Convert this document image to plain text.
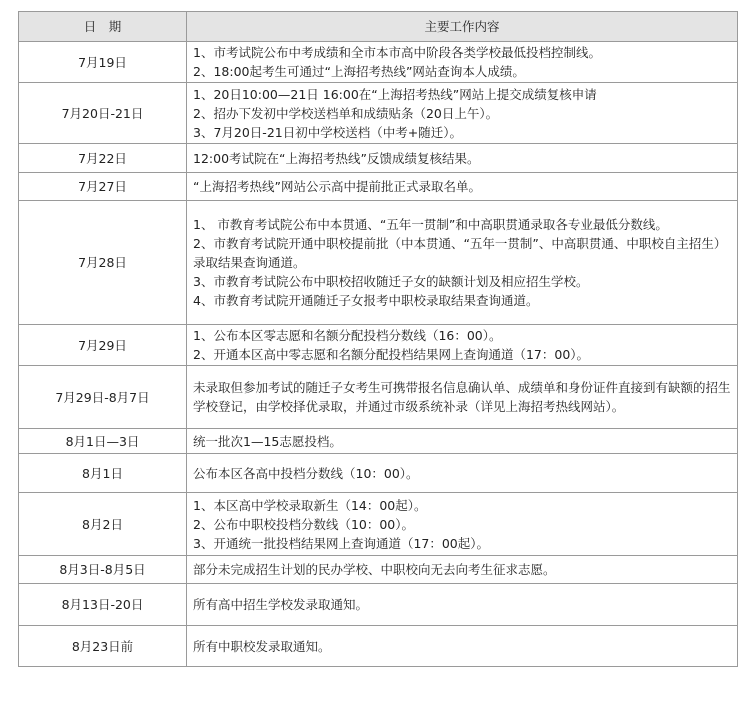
日　期	主要工作内容
7月19日	1、市考试院公布中考成绩和全市本市高中阶段各类学校最低投档控制线。
2、18:00起考生可通过“上海招考热线”网站查询本人成绩。

7月20日-21日	1、20日10:00—21日 16:00在“上海招考热线”网站上提交成绩复核申请
2、招办下发初中学校送档单和成绩贴条（20日上午）。
3、7月20日-21日初中学校送档（中考+随迁）。

7月22日	12:00考试院在“上海招考热线”反馈成绩复核结果。

7月27日	“上海招考热线”网站公示高中提前批正式录取名单。

7月28日	1、 市教育考试院公布中本贯通、“五年一贯制”和中高职贯通录取各专业最低分数线。
2、市教育考试院开通中职校提前批（中本贯通、“五年一贯制”、中高职贯通、中职校自主招生）录取结果查询通道。
3、市教育考试院公布中职校招收随迁子女的缺额计划及相应招生学校。
4、市教育考试院开通随迁子女报考中职校录取结果查询通道。

7月29日	1、公布本区零志愿和名额分配投档分数线（16：00）。
2、开通本区高中零志愿和名额分配投档结果网上查询通道（17：00）。

7月29日-8月7日	未录取但参加考试的随迁子女考生可携带报名信息确认单、成绩单和身份证件直接到有缺额的招生学校登记，由学校择优录取，并通过市级系统补录（详见上海招考热线网站）。

8月1日—3日	统一批次1—15志愿投档。

8月1日	公布本区各高中投档分数线（10：00）。

8月2日	1、本区高中学校录取新生（14：00起）。
2、公布中职校投档分数线（10：00）。
3、开通统一批投档结果网上查询通道（17：00起）。

8月3日-8月5日	部分未完成招生计划的民办学校、中职校向无去向考生征求志愿。

8月13日-20日	所有高中招生学校发录取通知。

8月23日前	所有中职校发录取通知。
